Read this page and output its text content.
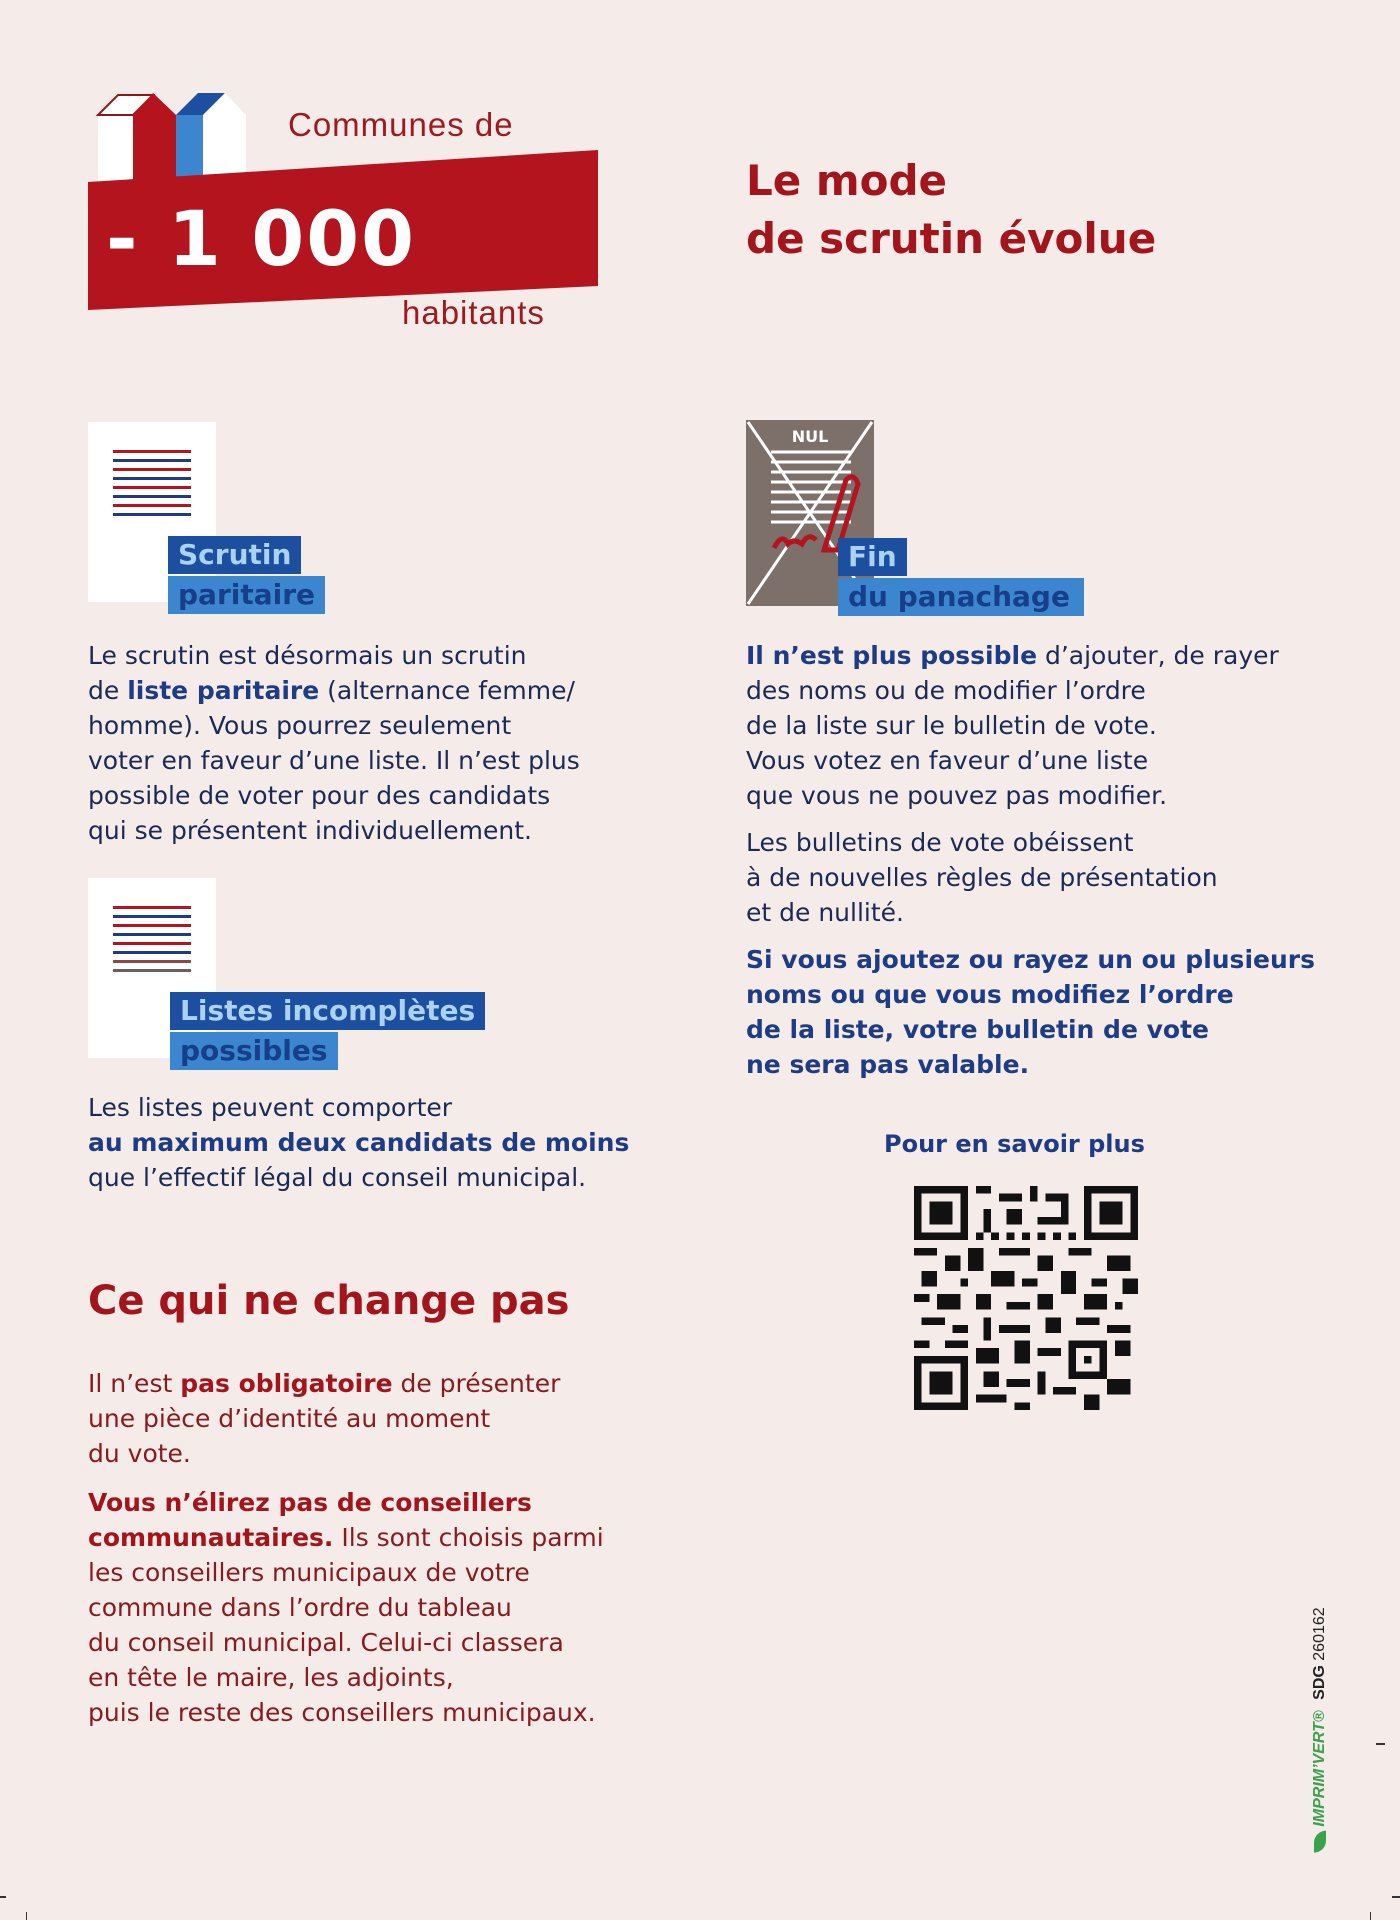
- 1 000
Communes de
habitants
Le mode
de scrutin évolue
Scrutin
paritaire
Le scrutin est désormais un scrutin
de liste paritaire (alternance femme/
homme). Vous pourrez seulement
voter en faveur d’une liste. Il n’est plus
possible de voter pour des candidats
qui se présentent individuellement.
Listes incomplètes
possibles
Les listes peuvent comporter
au maximum deux candidats de moins
que l’effectif légal du conseil municipal.
NUL
Fin
du panachage
Il n’est plus possible d’ajouter, de rayer
des noms ou de modifier l’ordre
de la liste sur le bulletin de vote.
Vous votez en faveur d’une liste
que vous ne pouvez pas modifier.
Les bulletins de vote obéissent
à de nouvelles règles de présentation
et de nullité.
Si vous ajoutez ou rayez un ou plusieurs
noms ou que vous modifiez l’ordre
de la liste, votre bulletin de vote
ne sera pas valable.
Pour en savoir plus
Ce qui ne change pas
Il n’est pas obligatoire de présenter
une pièce d’identité au moment
du vote.
Vous n’élirez pas de conseillers
communautaires. Ils sont choisis parmi
les conseillers municipaux de votre
commune dans l’ordre du tableau
du conseil municipal. Celui-ci classera
en tête le maire, les adjoints,
puis le reste des conseillers municipaux.	IMPRIM’VERT® SDG 260162
